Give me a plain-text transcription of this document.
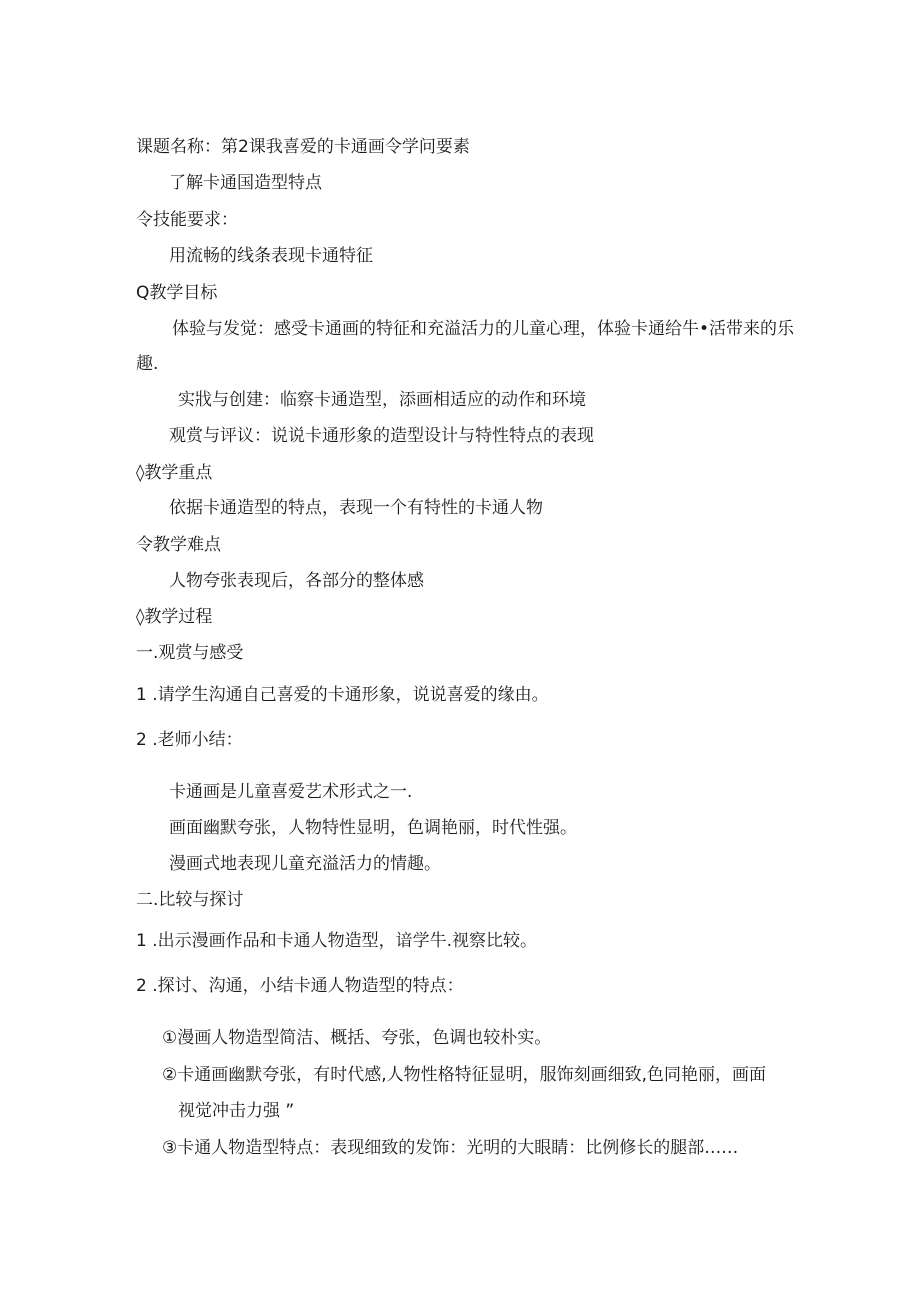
课题名称：第2课我喜爱的卡通画令学问要素
了解卡通国造型特点
令技能要求：
用流畅的线条表现卡通特征
Q教学目标
体验与发觉：感受卡通画的特征和充溢活力的儿童心理，体验卡通给牛•活带来的乐
趣.
实戕与创建：临察卡通造型，添画相适应的动作和环境
观赏与评议：说说卡通形象的造型设计与特性特点的表现
◊教学重点
依据卡通造型的特点，表现一个有特性的卡通人物
令教学难点
人物夸张表现后，各部分的整体感
◊教学过程
一.观赏与感受
1 .请学生沟通自己喜爱的卡通形象，说说喜爱的缘由。
2 .老师小结：
卡通画是儿童喜爱艺术形式之一.
画面幽默夸张，人物特性显明，色调艳丽，时代性强。
漫画式地表现儿童充溢活力的情趣。
二.比较与探讨
1 .出示漫画作品和卡通人物造型，谙学牛.视察比较。
2 .探讨、沟通，小结卡通人物造型的特点：
①漫画人物造型简洁、概括、夸张，色调也较朴实。
②卡通画幽默夸张，有时代感,人物性格特征显明，服饰刻画细致,色同艳丽，画面
视觉冲击力强 ”
③卡通人物造型特点：表现细致的发饰：光明的大眼睛：比例修长的腿部……
